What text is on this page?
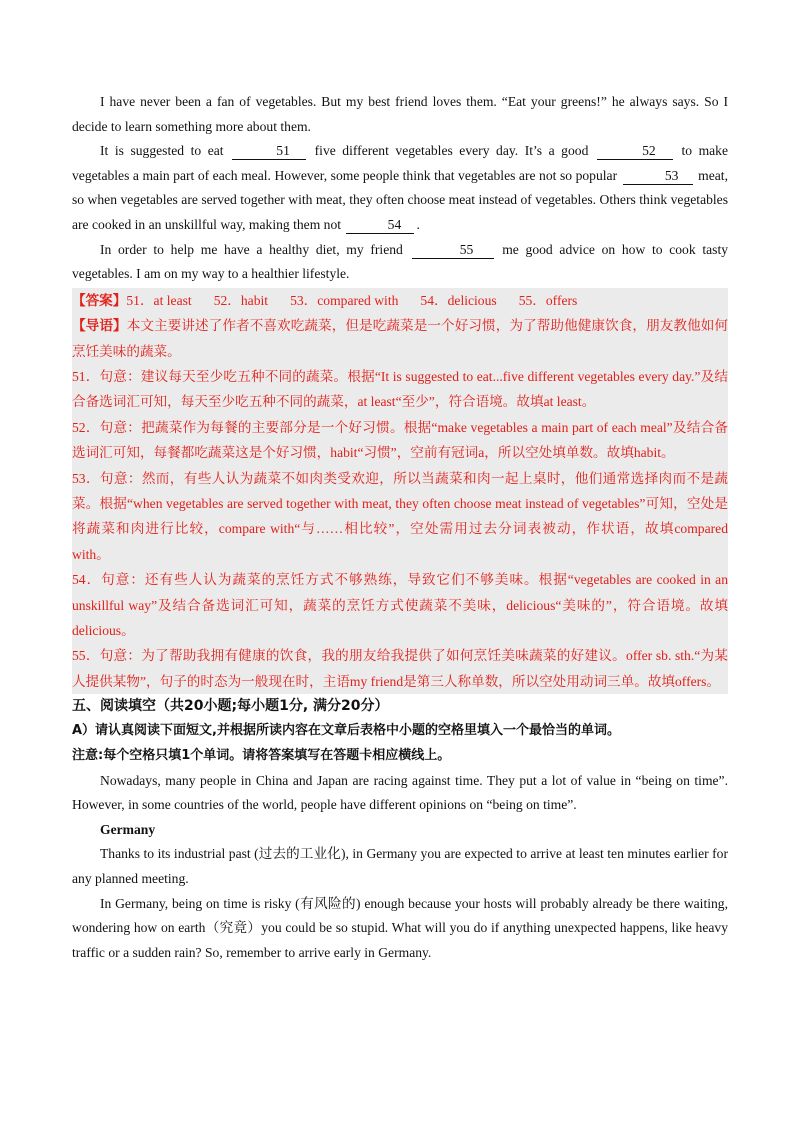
I have never been a fan of vegetables. But my best friend loves them. “Eat your greens!” he always says. So I decide to learn something more about them.

It is suggested to eat	51 five different vegetables every day. It’s a good	52 to make vegetables a main part of each meal. However, some people think that vegetables are not so popular	53 meat, so when vegetables are served together with meat, they often choose meat instead of vegetables. Others think vegetables are cooked in an unskillful way, making them not	54 .

In order to help me have a healthy diet, my friend	55 me good advice on how to cook tasty vegetables. I am on my way to a healthier lifestyle.

【答案】51．at least 52．habit 53．compared with 54．delicious 55．offers

【导语】本文主要讲述了作者不喜欢吃蔬菜，但是吃蔬菜是一个好习惯，为了帮助他健康饮食，朋友教他如何烹饪美味的蔬菜。

51．句意：建议每天至少吃五种不同的蔬菜。根据“It is suggested to eat...five different vegetables every day.”及结合备选词汇可知，每天至少吃五种不同的蔬菜，at least“至少”，符合语境。故填at least。

52．句意：把蔬菜作为每餐的主要部分是一个好习惯。根据“make vegetables a main part of each meal”及结合备选词汇可知，每餐都吃蔬菜这是个好习惯，habit“习惯”，空前有冠词a，所以空处填单数。故填habit。

53．句意：然而，有些人认为蔬菜不如肉类受欢迎，所以当蔬菜和肉一起上桌时，他们通常选择肉而不是蔬菜。根据“when vegetables are served together with meat, they often choose meat instead of vegetables”可知，空处是将蔬菜和肉进行比较，compare with“与……相比较”，空处需用过去分词表被动，作状语，故填compared with。

54．句意：还有些人认为蔬菜的烹饪方式不够熟练，导致它们不够美味。根据“vegetables are cooked in an unskillful way”及结合备选词汇可知，蔬菜的烹饪方式使蔬菜不美味，delicious“美味的”，符合语境。故填delicious。

55．句意：为了帮助我拥有健康的饮食，我的朋友给我提供了如何烹饪美味蔬菜的好建议。offer sb. sth.“为某人提供某物”，句子的时态为一般现在时，主语my friend是第三人称单数，所以空处用动词三单。故填offers。

五、阅读填空（共20小题;每小题1分, 满分20分）

A）请认真阅读下面短文,并根据所读内容在文章后表格中小题的空格里填入一个最恰当的单词。

注意:每个空格只填1个单词。请将答案填写在答题卡相应横线上。

Nowadays, many people in China and Japan are racing against time. They put a lot of value in “being on time”. However, in some countries of the world, people have different opinions on “being on time”.

Germany

Thanks to its industrial past (过去的工业化), in Germany you are expected to arrive at least ten minutes earlier for any planned meeting.

In Germany, being on time is risky (有风险的) enough because your hosts will probably already be there waiting, wondering how on earth（究竟）you could be so stupid. What will you do if anything unexpected happens, like heavy traffic or a sudden rain? So, remember to arrive early in Germany.
